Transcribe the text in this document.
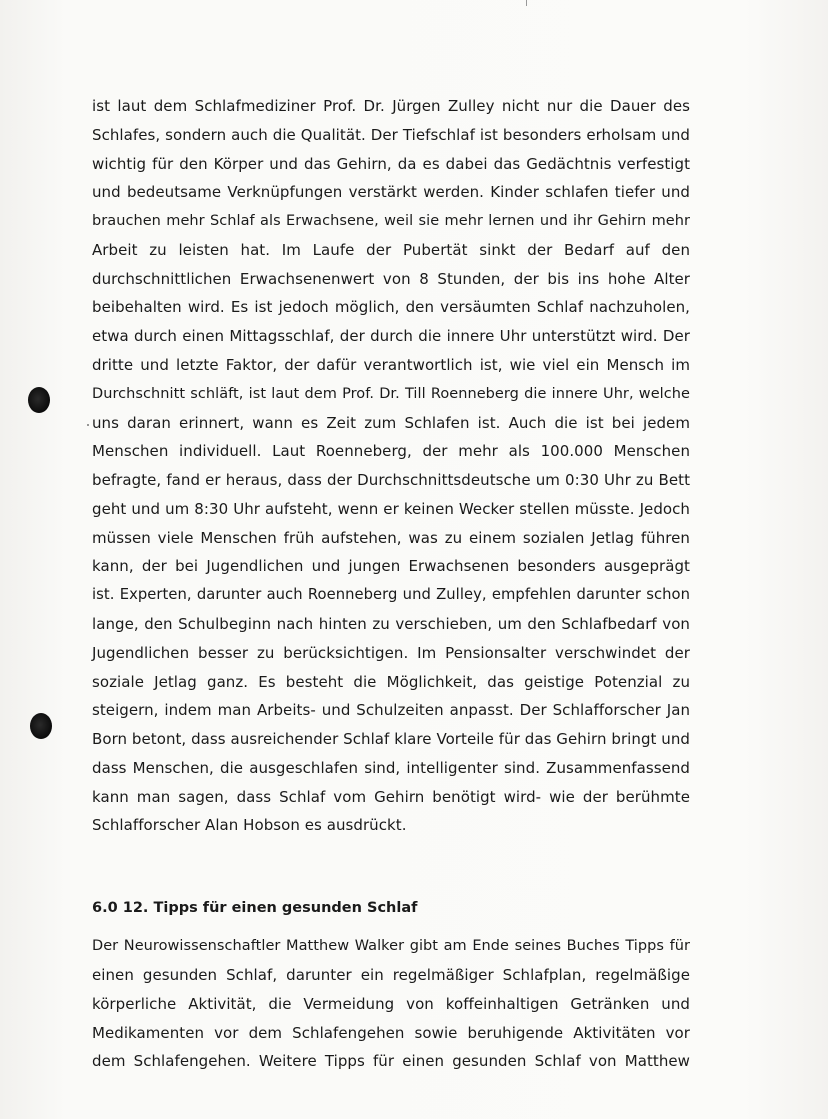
ist laut dem Schlafmediziner Prof. Dr. Jürgen Zulley nicht nur die Dauer des
Schlafes, sondern auch die Qualität. Der Tiefschlaf ist besonders erholsam und
wichtig für den Körper und das Gehirn, da es dabei das Gedächtnis verfestigt
und bedeutsame Verknüpfungen verstärkt werden. Kinder schlafen tiefer und
brauchen mehr Schlaf als Erwachsene, weil sie mehr lernen und ihr Gehirn mehr
Arbeit zu leisten hat. Im Laufe der Pubertät sinkt der Bedarf auf den
durchschnittlichen Erwachsenenwert von 8 Stunden, der bis ins hohe Alter
beibehalten wird. Es ist jedoch möglich, den versäumten Schlaf nachzuholen,
etwa durch einen Mittagsschlaf, der durch die innere Uhr unterstützt wird. Der
dritte und letzte Faktor, der dafür verantwortlich ist, wie viel ein Mensch im
Durchschnitt schläft, ist laut dem Prof. Dr. Till Roenneberg die innere Uhr, welche
uns daran erinnert, wann es Zeit zum Schlafen ist. Auch die ist bei jedem
Menschen individuell. Laut Roenneberg, der mehr als 100.000 Menschen
befragte, fand er heraus, dass der Durchschnittsdeutsche um 0:30 Uhr zu Bett
geht und um 8:30 Uhr aufsteht, wenn er keinen Wecker stellen müsste. Jedoch
müssen viele Menschen früh aufstehen, was zu einem sozialen Jetlag führen
kann, der bei Jugendlichen und jungen Erwachsenen besonders ausgeprägt
ist. Experten, darunter auch Roenneberg und Zulley, empfehlen darunter schon
lange, den Schulbeginn nach hinten zu verschieben, um den Schlafbedarf von
Jugendlichen besser zu berücksichtigen. Im Pensionsalter verschwindet der
soziale Jetlag ganz. Es besteht die Möglichkeit, das geistige Potenzial zu
steigern, indem man Arbeits- und Schulzeiten anpasst. Der Schlafforscher Jan
Born betont, dass ausreichender Schlaf klare Vorteile für das Gehirn bringt und
dass Menschen, die ausgeschlafen sind, intelligenter sind. Zusammenfassend
kann man sagen, dass Schlaf vom Gehirn benötigt wird- wie der berühmte
Schlafforscher Alan Hobson es ausdrückt.
6.0 12. Tipps für einen gesunden Schlaf
Der Neurowissenschaftler Matthew Walker gibt am Ende seines Buches Tipps für
einen gesunden Schlaf, darunter ein regelmäßiger Schlafplan, regelmäßige
körperliche Aktivität, die Vermeidung von koffeinhaltigen Getränken und
Medikamenten vor dem Schlafengehen sowie beruhigende Aktivitäten vor
dem Schlafengehen. Weitere Tipps für einen gesunden Schlaf von Matthew
